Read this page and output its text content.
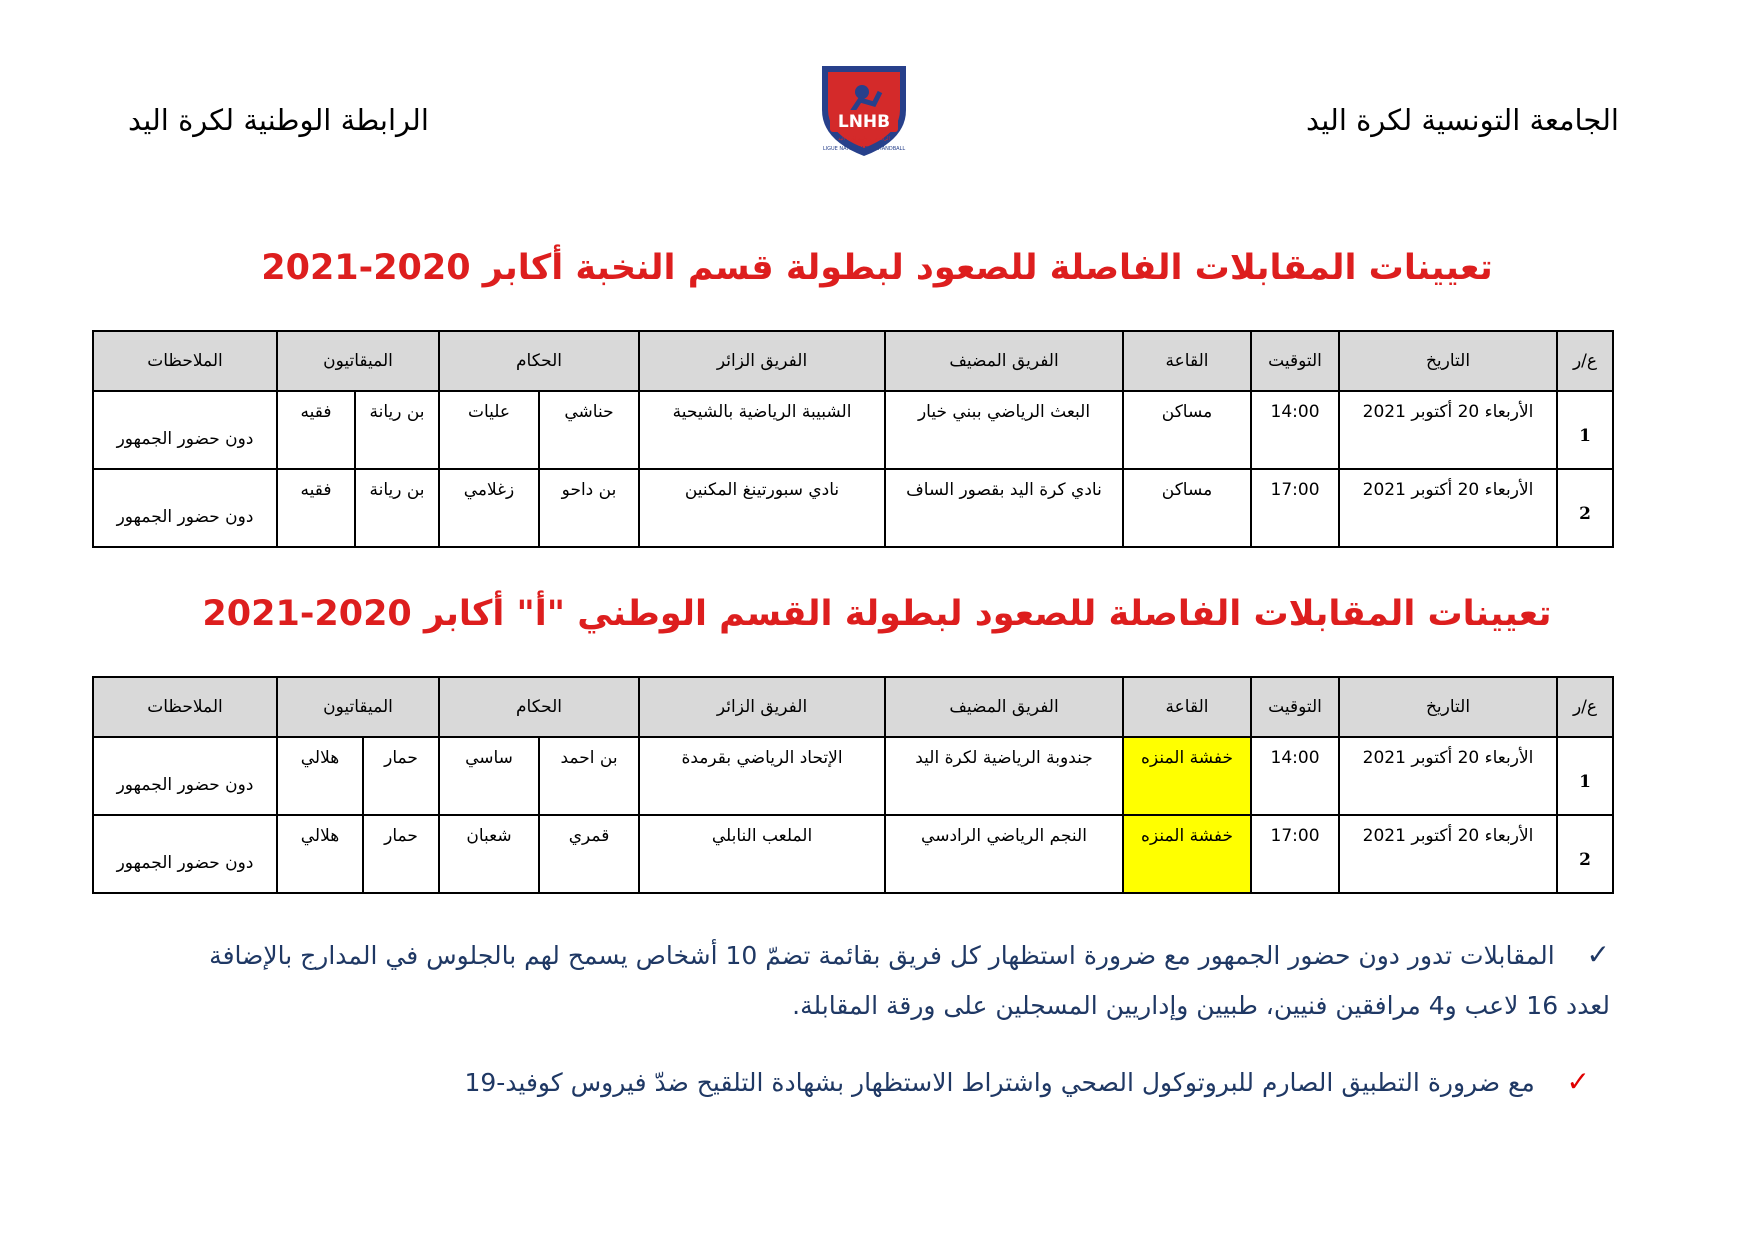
الجامعة التونسية لكرة اليد
الرابطة الوطنية لكرة اليد	LNHB
الرابطة الوطنية لكرة اليد
LIGUE NATIONALE DE HANDBALL
تعيينات المقابلات الفاصلة للصعود لبطولة قسم النخبة أكابر 2020-2021
ع/ر	التاريخ	التوقيت	القاعة	الفريق المضيف	الفريق الزائر	الحكام		الميقاتيون		الملاحظات
1	الأربعاء 20 أكتوبر 2021	14:00	مساكن	البعث الرياضي ببني خيار	الشبيبة الرياضية بالشيحية	حناشي	عليات	بن ريانة	فقيه	دون حضور الجمهور
2	الأربعاء 20 أكتوبر 2021	17:00	مساكن	نادي كرة اليد بقصور الساف	نادي سبورتينغ المكنين	بن داحو	زغلامي	بن ريانة	فقيه	دون حضور الجمهور
تعيينات المقابلات الفاصلة للصعود لبطولة القسم الوطني "أ" أكابر 2020-2021
ع/ر	التاريخ	التوقيت	القاعة	الفريق المضيف	الفريق الزائر	الحكام		الميقاتيون		الملاحظات
1	الأربعاء 20 أكتوبر 2021	14:00	خفشة المنزه	جندوبة الرياضية لكرة اليد	الإتحاد الرياضي بقرمدة	بن احمد	ساسي	حمار	هلالي	دون حضور الجمهور
2	الأربعاء 20 أكتوبر 2021	17:00	خفشة المنزه	النجم الرياضي الرادسي	الملعب النابلي	قمري	شعبان	حمار	هلالي	دون حضور الجمهور
✓    المقابلات تدور دون حضور الجمهور مع ضرورة استظهار كل فريق بقائمة تضمّ 10 أشخاص يسمح لهم بالجلوس في المدارج بالإضافة لعدد 16 لاعب و4 مرافقين فنيين، طبيين وإداريين المسجلين على ورقة المقابلة.
✓    مع ضرورة التطبيق الصارم للبروتوكول الصحي واشتراط الاستظهار بشهادة التلقيح ضدّ فيروس كوفيد-19
